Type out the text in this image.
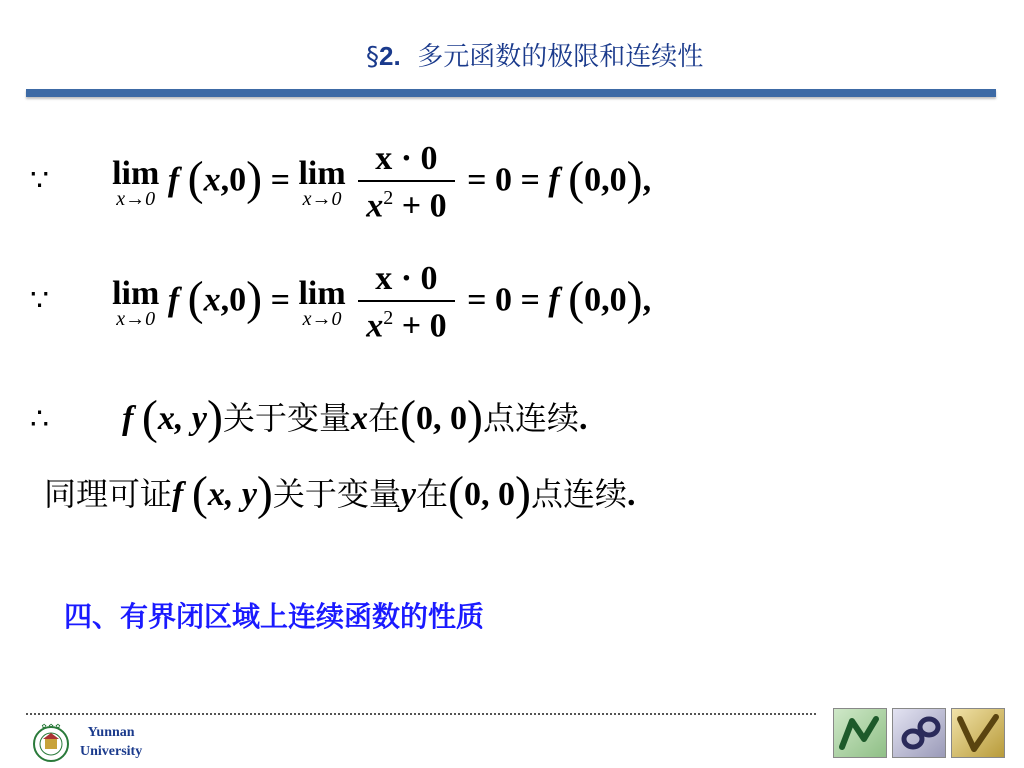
§2. 多元函数的极限和连续性
∵ lim
x→0
f (x,0) = lim
x→0
$\frac{x \cdot 0}{x^2 + 0} = 0 = f$ (0,0),
∵ lim
x→0
f (x,0) = lim
x→0
$\frac{x \cdot 0}{x^2 + 0} = 0 = f$ (0,0),
∴ f (x, y)关于变量x在(0, 0)点连续.
同理可证f (x, y)关于变量y在(0, 0)点连续.
四、有界闭区域上连续函数的性质
✿ ✿ ✿	Yunnan
University
